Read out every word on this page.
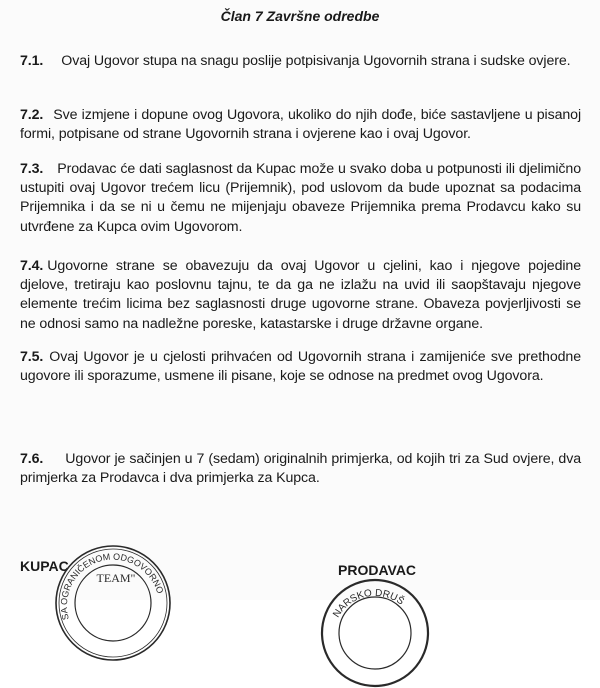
Član 7 Završne odredbe
7.1. Ovaj Ugovor stupa na snagu poslije potpisivanja Ugovornih strana i sudske ovjere.
7.2. Sve izmjene i dopune ovog Ugovora, ukoliko do njih dođe, biće sastavljene u pisanoj formi, potpisane od strane Ugovornih strana i ovjerene kao i ovaj Ugovor.
7.3. Prodavac će dati saglasnost da Kupac može u svako doba u potpunosti ili djelimično ustupiti ovaj Ugovor trećem licu (Prijemnik), pod uslovom da bude upoznat sa podacima Prijemnika i da se ni u čemu ne mijenjaju obaveze Prijemnika prema Prodavcu kako su utvrđene za Kupca ovim Ugovorom.
7.4. Ugovorne strane se obavezuju da ovaj Ugovor u cjelini, kao i njegove pojedine djelove, tretiraju kao poslovnu tajnu, te da ga ne izlažu na uvid ili saopštavaju njegove elemente trećim licima bez saglasnosti druge ugovorne strane. Obaveza povjerljivosti se ne odnosi samo na nadležne poreske, katastarske i druge državne organe.
7.5. Ovaj Ugovor je u cjelosti prihvaćen od Ugovornih strana i zamijeniće sve prethodne ugovore ili sporazume, usmene ili pisane, koje se odnose na predmet ovog Ugovora.
7.6. Ugovor je sačinjen u 7 (sedam) originalnih primjerka, od kojih tri za Sud ovjere, dva primjerka za Prodavca i dva primjerka za Kupca.
KUPAC	PRODAVAC
SA OGRANIČENOM ODGOVORNO
TEAM"
NARSKO DRUŠ
